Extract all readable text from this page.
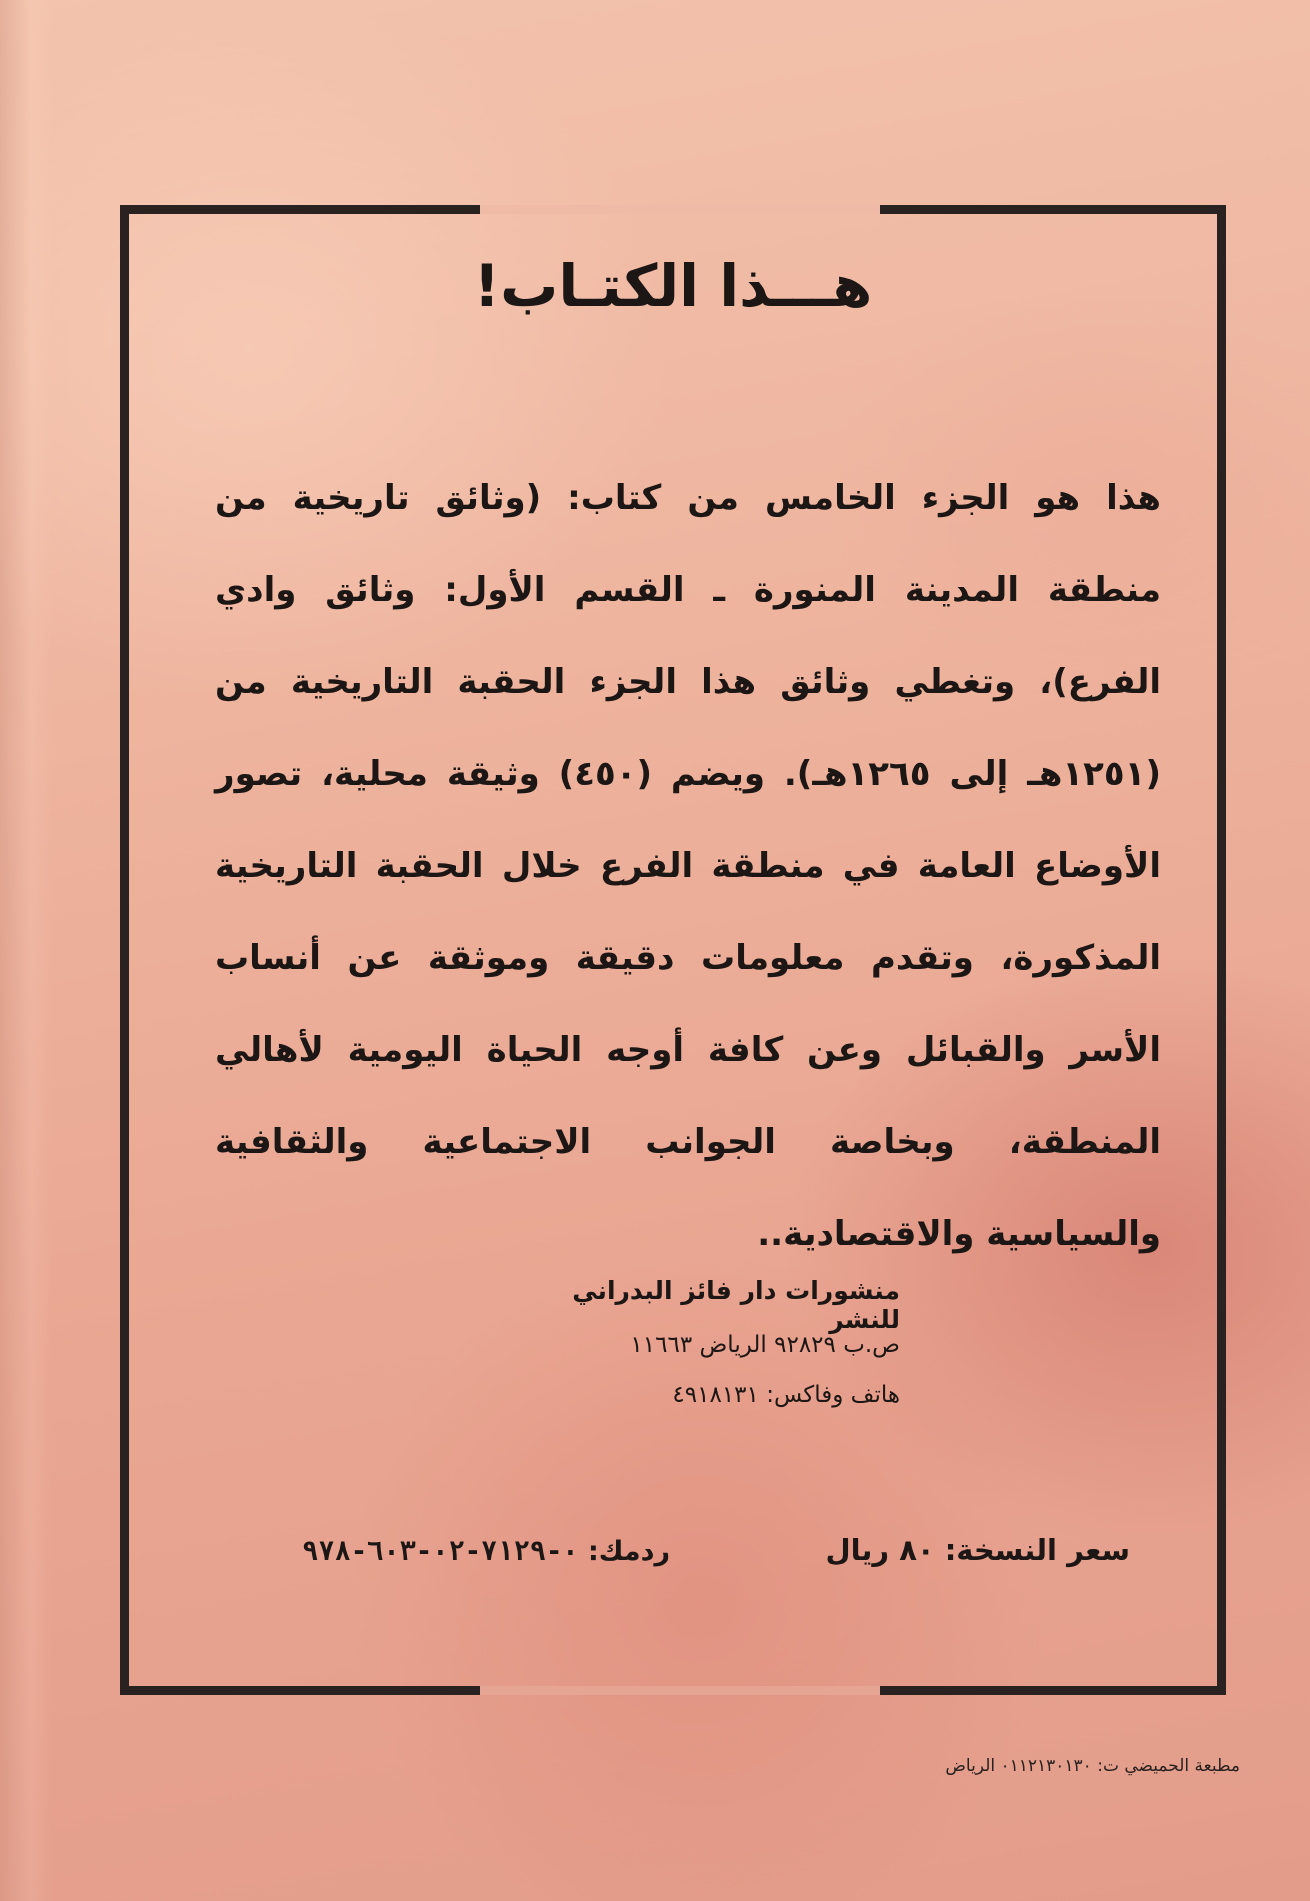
هـــذا الكتـاب!

هذا هو الجزء الخامس من كتاب: (وثائق تاريخية من منطقة المدينة المنورة ـ القسم الأول: وثائق وادي الفرع)، وتغطي وثائق هذا الجزء الحقبة التاريخية من (١٢٥١هـ إلى ١٢٦٥هـ). ويضم (٤٥٠) وثيقة محلية، تصور الأوضاع العامة في منطقة الفرع خلال الحقبة التاريخية المذكورة، وتقدم معلومات دقيقة وموثقة عن أنساب الأسر والقبائل وعن كافة أوجه الحياة اليومية لأهالي المنطقة، وبخاصة الجوانب الاجتماعية والثقافية والسياسية والاقتصادية..

منشورات دار فائز البدراني للنشر
ص.ب ٩٢٨٢٩ الرياض ١١٦٦٣
هاتف وفاكس: ٤٩١٨١٣١
سعر النسخة: ٨٠ ريال
ردمك: ٠-٧١٢٩-٠٢-٦٠٣-٩٧٨
مطبعة الحميضي ت: ٠١١٢١٣٠١٣٠ الرياض
